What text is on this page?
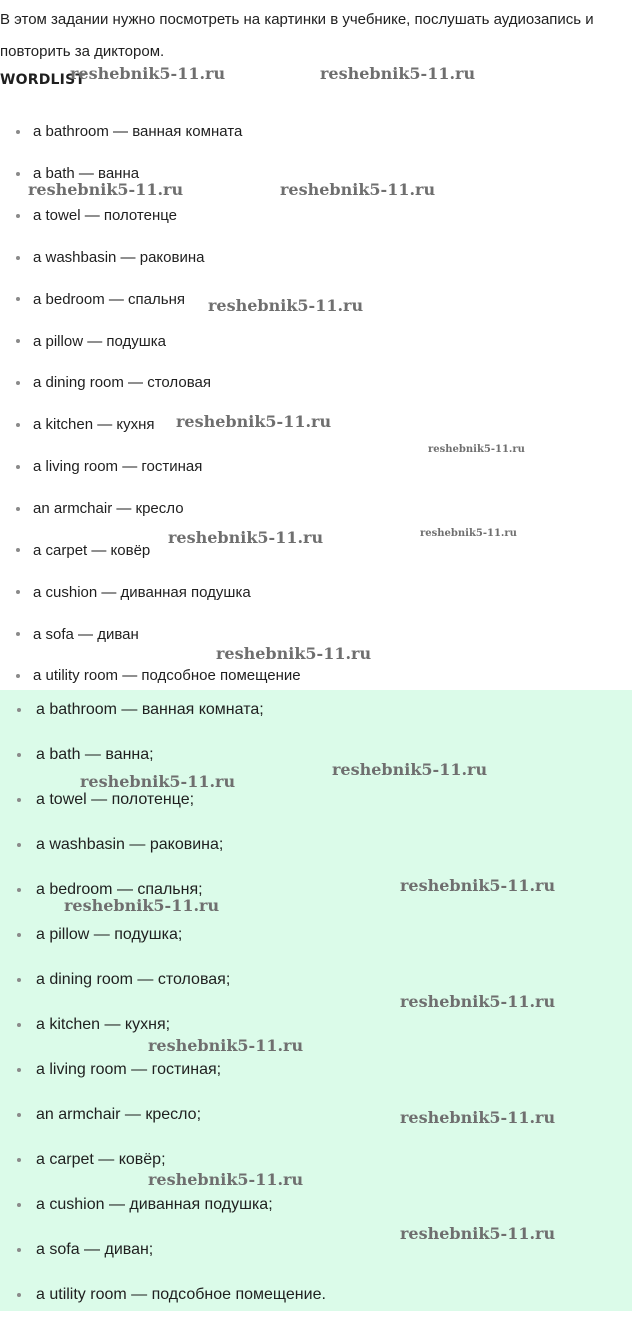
В этом задании нужно посмотреть на картинки в учебнике, послушать аудиозапись и повторить за диктором.

WORDLIST
a bathroom — ванная комната
a bath — ванна
a towel — полотенце
a washbasin — раковина
a bedroom — спальня
a pillow — подушка
a dining room — столовая
a kitchen — кухня
a living room — гостиная
an armchair — кресло
a carpet — ковёр
a cushion — диванная подушка
a sofa — диван
a utility room — подсобное помещение
a bathroom — ванная комната;
a bath — ванна;
a towel — полотенце;
a washbasin — раковина;
a bedroom — спальня;
a pillow — подушка;
a dining room — столовая;
a kitchen — кухня;
a living room — гостиная;
an armchair — кресло;
a carpet — ковёр;
a cushion — диванная подушка;
a sofa — диван;
a utility room — подсобное помещение.
reshebnik5-11.ru	reshebnik5-11.ru
reshebnik5-11.ru	reshebnik5-11.ru
reshebnik5-11.ru
reshebnik5-11.ru
reshebnik5-11.ru
reshebnik5-11.ru	reshebnik5-11.ru
reshebnik5-11.ru
reshebnik5-11.ru
reshebnik5-11.ru
reshebnik5-11.ru
reshebnik5-11.ru
reshebnik5-11.ru
reshebnik5-11.ru
reshebnik5-11.ru
reshebnik5-11.ru
reshebnik5-11.ru
